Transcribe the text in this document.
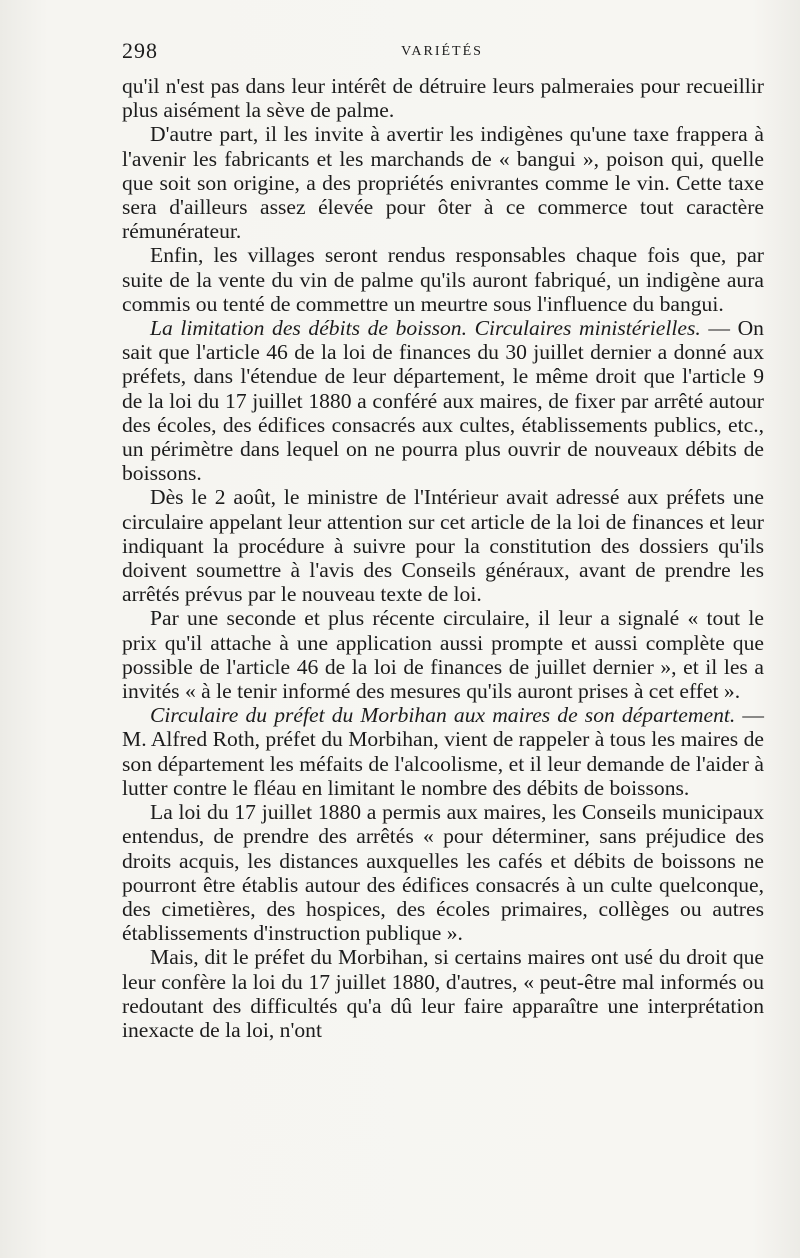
298	VARIÉTÉS

qu'il n'est pas dans leur intérêt de détruire leurs palmeraies pour recueillir plus aisément la sève de palme.

D'autre part, il les invite à avertir les indigènes qu'une taxe frappera à l'avenir les fabricants et les marchands de « bangui », poison qui, quelle que soit son origine, a des propriétés enivrantes comme le vin. Cette taxe sera d'ailleurs assez élevée pour ôter à ce commerce tout caractère rémunérateur.

Enfin, les villages seront rendus responsables chaque fois que, par suite de la vente du vin de palme qu'ils auront fabriqué, un indigène aura commis ou tenté de commettre un meurtre sous l'influence du bangui.

La limitation des débits de boisson. Circulaires ministérielles. — On sait que l'article 46 de la loi de finances du 30 juillet dernier a donné aux préfets, dans l'étendue de leur département, le même droit que l'article 9 de la loi du 17 juillet 1880 a conféré aux maires, de fixer par arrêté autour des écoles, des édifices consacrés aux cultes, établissements publics, etc., un périmètre dans lequel on ne pourra plus ouvrir de nouveaux débits de boissons.

Dès le 2 août, le ministre de l'Intérieur avait adressé aux préfets une circulaire appelant leur attention sur cet article de la loi de finances et leur indiquant la procédure à suivre pour la constitution des dossiers qu'ils doivent soumettre à l'avis des Conseils généraux, avant de prendre les arrêtés prévus par le nouveau texte de loi.

Par une seconde et plus récente circulaire, il leur a signalé « tout le prix qu'il attache à une application aussi prompte et aussi complète que possible de l'article 46 de la loi de finances de juillet dernier », et il les a invités « à le tenir informé des mesures qu'ils auront prises à cet effet ».

Circulaire du préfet du Morbihan aux maires de son département. — M. Alfred Roth, préfet du Morbihan, vient de rappeler à tous les maires de son département les méfaits de l'alcoolisme, et il leur demande de l'aider à lutter contre le fléau en limitant le nombre des débits de boissons.

La loi du 17 juillet 1880 a permis aux maires, les Conseils municipaux entendus, de prendre des arrêtés « pour déterminer, sans préjudice des droits acquis, les distances auxquelles les cafés et débits de boissons ne pourront être établis autour des édifices consacrés à un culte quelconque, des cimetières, des hospices, des écoles primaires, collèges ou autres établissements d'instruction publique ».

Mais, dit le préfet du Morbihan, si certains maires ont usé du droit que leur confère la loi du 17 juillet 1880, d'autres, « peut-être mal informés ou redoutant des difficultés qu'a dû leur faire apparaître une interprétation inexacte de la loi, n'ont
